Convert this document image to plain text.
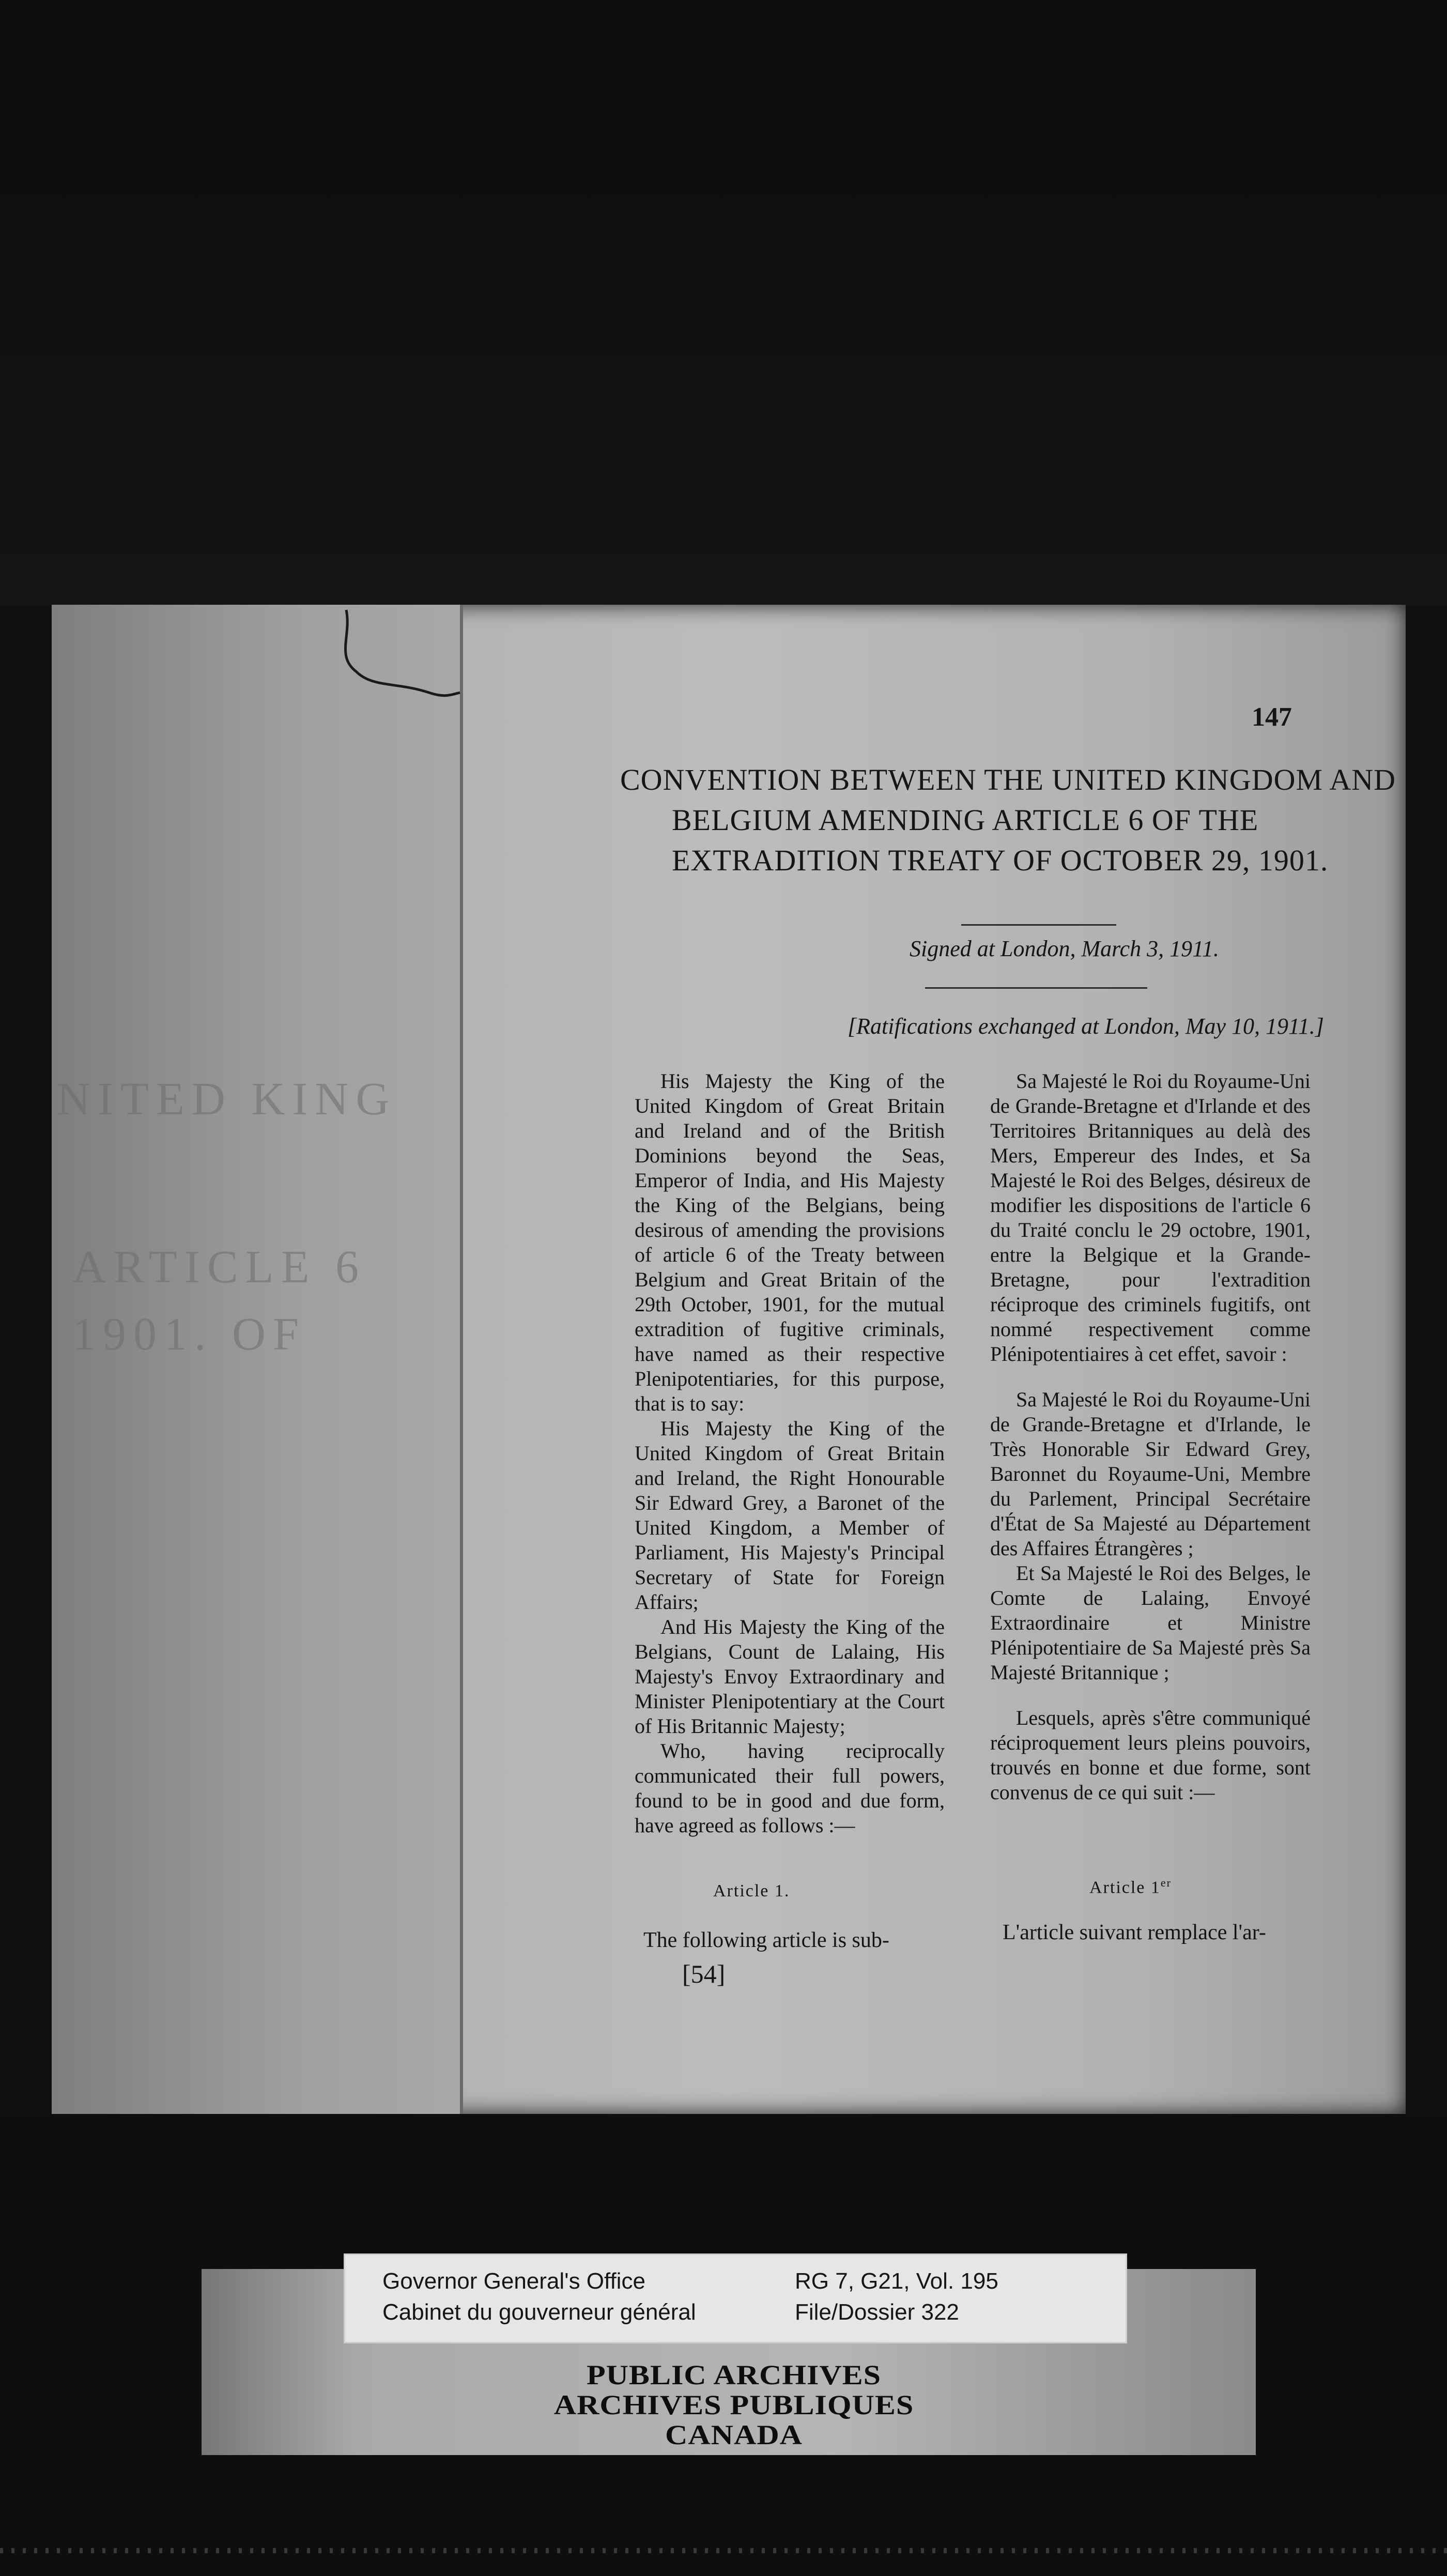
NITED KING
ARTICLE 6
1901. OF
147
CONVENTION BETWEEN THE UNITED KINGDOM AND BELGIUM AMENDING ARTICLE 6 OF THE EXTRADITION TREATY OF OCTOBER 29, 1901.
Signed at London, March 3, 1911.
[Ratifications exchanged at London, May 10, 1911.]

His Majesty the King of the United Kingdom of Great Britain and Ireland and of the British Dominions beyond the Seas, Emperor of India, and His Majesty the King of the Belgians, being desirous of amending the provisions of article 6 of the Treaty between Belgium and Great Britain of the 29th October, 1901, for the mutual extradition of fugitive criminals, have named as their respective Plenipotentiaries, for this purpose, that is to say:

His Majesty the King of the United Kingdom of Great Britain and Ireland, the Right Honourable Sir Edward Grey, a Baronet of the United Kingdom, a Member of Parliament, His Majesty's Principal Secretary of State for Foreign Affairs;

And His Majesty the King of the Belgians, Count de Lalaing, His Majesty's Envoy Extraordinary and Minister Plenipotentiary at the Court of His Britannic Majesty;

Who, having reciprocally communicated their full powers, found to be in good and due form, have agreed as follows :—

Sa Majesté le Roi du Royaume-Uni de Grande-Bretagne et d'Irlande et des Territoires Britanniques au delà des Mers, Empereur des Indes, et Sa Majesté le Roi des Belges, désireux de modifier les dispositions de l'article 6 du Traité conclu le 29 octobre, 1901, entre la Belgique et la Grande-Bretagne, pour l'extradition réciproque des criminels fugitifs, ont nommé respectivement comme Plénipotentiaires à cet effet, savoir :

Sa Majesté le Roi du Royaume-Uni de Grande-Bretagne et d'Irlande, le Très Honorable Sir Edward Grey, Baronnet du Royaume-Uni, Membre du Parlement, Principal Secrétaire d'État de Sa Majesté au Département des Affaires Étrangères ;

Et Sa Majesté le Roi des Belges, le Comte de Lalaing, Envoyé Extraordinaire et Ministre Plénipotentiaire de Sa Majesté près Sa Majesté Britannique ;

Lesquels, après s'être communiqué réciproquement leurs pleins pouvoirs, trouvés en bonne et due forme, sont convenus de ce qui suit :—

Article 1.	Article 1er
The following article is sub-	L'article suivant remplace l'ar-
[54]
Governor General's Office
Cabinet du gouverneur général
RG 7, G21, Vol. 195
File/Dossier 322
PUBLIC ARCHIVES
ARCHIVES PUBLIQUES
CANADA
